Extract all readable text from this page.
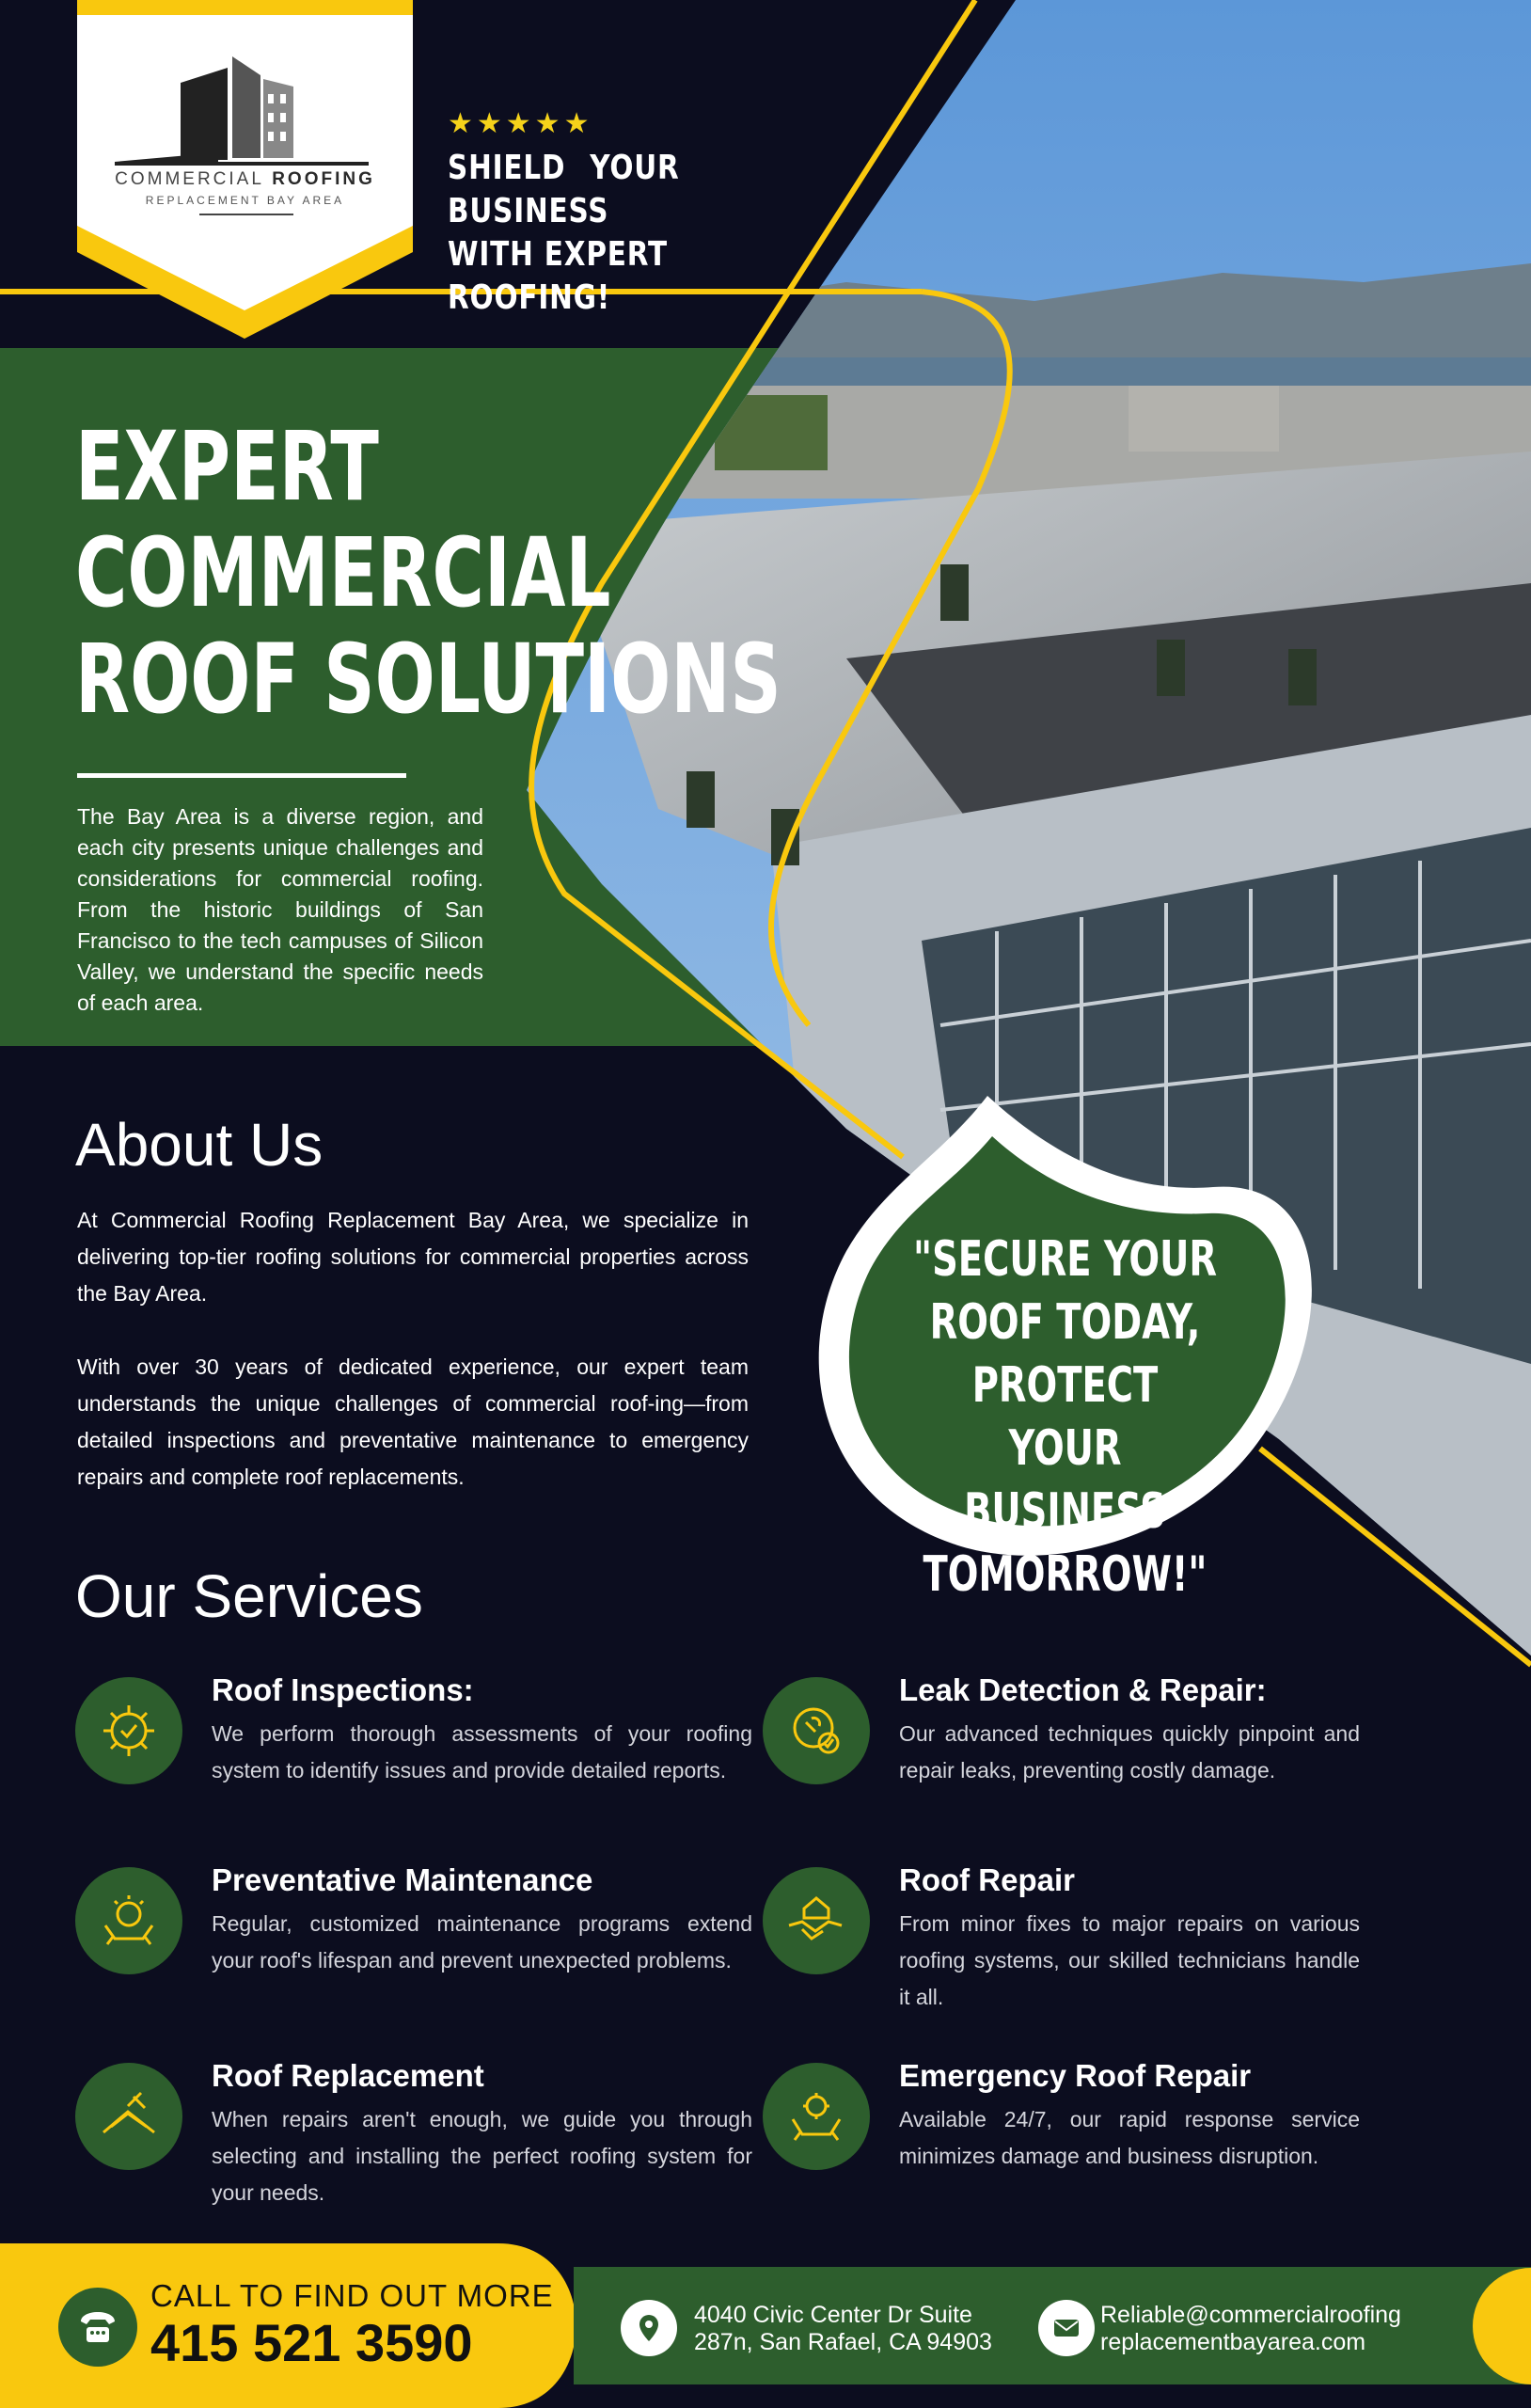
COMMERCIAL ROOFING
REPLACEMENT BAY AREA
★★★★★
SHIELD YOUR BUSINESS
WITH EXPERT ROOFING!
EXPERT
COMMERCIAL
ROOF SOLUTIONS
The Bay Area is a diverse region, and each city presents unique challenges and considerations for commercial roofing. From the historic buildings of San Francisco to the tech campuses of Silicon Valley, we understand the specific needs of each area.
About Us
At Commercial Roofing Replacement Bay Area, we specialize in delivering top-tier roofing solutions for commercial properties across the Bay Area.
With over 30 years of dedicated experience, our expert team understands the unique challenges of commercial roof-ing—from detailed inspections and preventative maintenance to emergency repairs and complete roof replacements.
"SECURE YOUR
ROOF TODAY, PROTECT
YOUR BUSINESS
TOMORROW!"
Our Services
Roof Inspections:
We perform thorough assessments of your roofing system to identify issues and provide detailed reports.
Leak Detection & Repair:
Our advanced techniques quickly pinpoint and repair leaks, preventing costly damage.
Preventative Maintenance
Regular, customized maintenance programs extend your roof's lifespan and prevent unexpected problems.
Roof Repair
From minor fixes to major repairs on various roofing systems, our skilled technicians handle it all.
Roof Replacement
When repairs aren't enough, we guide you through selecting and installing the perfect roofing system for your needs.
Emergency Roof Repair
Available 24/7, our rapid response service minimizes damage and business disruption.
CALL TO FIND OUT MORE
415 521 3590	4040 Civic Center Dr Suite
287n, San Rafael, CA 94903
Reliable@commercialroofing
replacementbayarea.com
